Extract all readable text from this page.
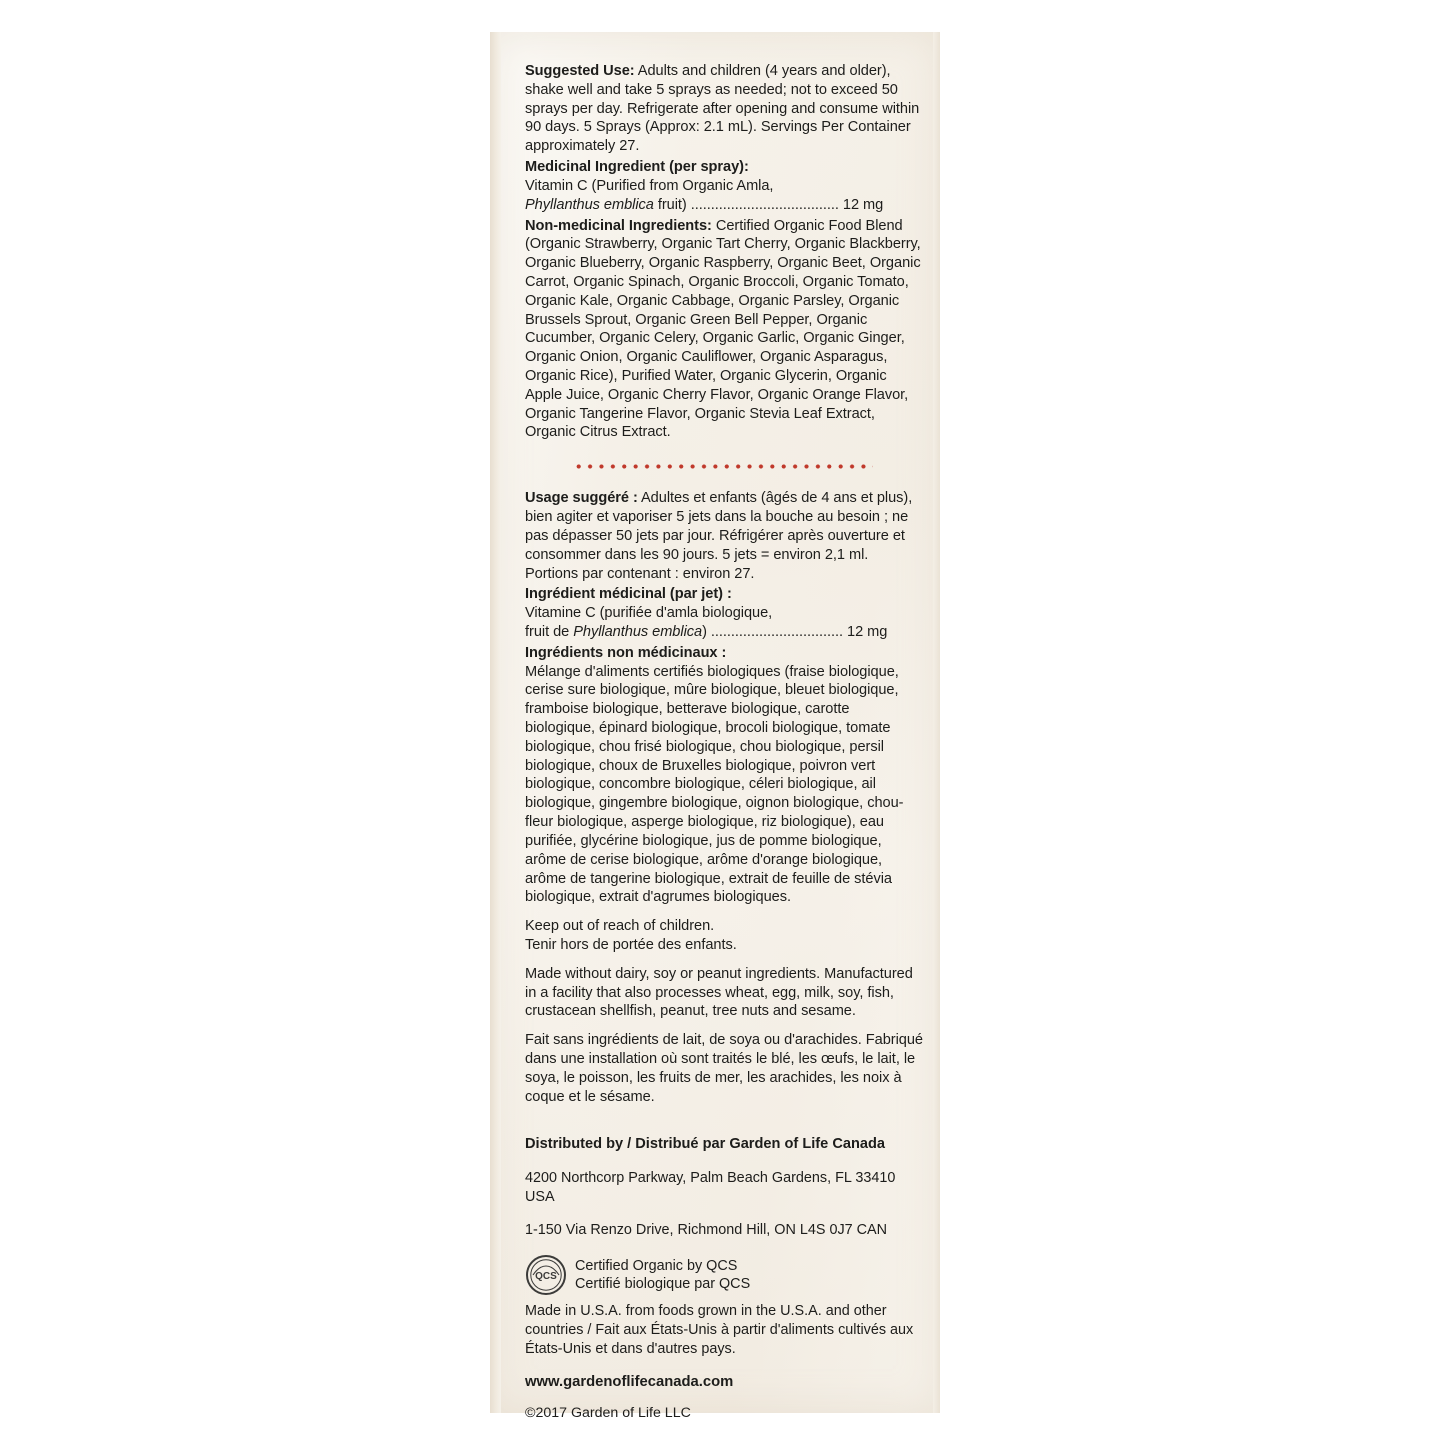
Suggested Use: Adults and children (4 years and older), shake well and take 5 sprays as needed; not to exceed 50 sprays per day. Refrigerate after opening and consume within 90 days. 5 Sprays (Approx: 2.1 mL). Servings Per Container approximately 27.

Medicinal Ingredient (per spray):

Vitamin C (Purified from Organic Amla,

Phyllanthus emblica fruit) ..................................... 12 mg

Non-medicinal Ingredients: Certified Organic Food Blend (Organic Strawberry, Organic Tart Cherry, Organic Blackberry, Organic Blueberry, Organic Raspberry, Organic Beet, Organic Carrot, Organic Spinach, Organic Broccoli, Organic Tomato, Organic Kale, Organic Cabbage, Organic Parsley, Organic Brussels Sprout, Organic Green Bell Pepper, Organic Cucumber, Organic Celery, Organic Garlic, Organic Ginger, Organic Onion, Organic Cauliflower, Organic Asparagus, Organic Rice), Purified Water, Organic Glycerin, Organic Apple Juice, Organic Cherry Flavor, Organic Orange Flavor, Organic Tangerine Flavor, Organic Stevia Leaf Extract, Organic Citrus Extract.

Usage suggéré : Adultes et enfants (âgés de 4 ans et plus), bien agiter et vaporiser 5 jets dans la bouche au besoin ; ne pas dépasser 50 jets par jour. Réfrigérer après ouverture et consommer dans les 90 jours. 5 jets = environ 2,1 ml. Portions par contenant : environ 27.

Ingrédient médicinal (par jet) :

Vitamine C (purifiée d'amla biologique,

fruit de Phyllanthus emblica) ................................. 12 mg

Ingrédients non médicinaux :

Mélange d'aliments certifiés biologiques (fraise biologique, cerise sure biologique, mûre biologique, bleuet biologique, framboise biologique, betterave biologique, carotte biologique, épinard biologique, brocoli biologique, tomate biologique, chou frisé biologique, chou biologique, persil biologique, choux de Bruxelles biologique, poivron vert biologique, concombre biologique, céleri biologique, ail biologique, gingembre biologique, oignon biologique, chou-fleur biologique, asperge biologique, riz biologique), eau purifiée, glycérine biologique, jus de pomme biologique, arôme de cerise biologique, arôme d'orange biologique, arôme de tangerine biologique, extrait de feuille de stévia biologique, extrait d'agrumes biologiques.

Keep out of reach of children.

Tenir hors de portée des enfants.

Made without dairy, soy or peanut ingredients. Manufactured in a facility that also processes wheat, egg, milk, soy, fish, crustacean shellfish, peanut, tree nuts and sesame.

Fait sans ingrédients de lait, de soya ou d'arachides. Fabriqué dans une installation où sont traités le blé, les œufs, le lait, le soya, le poisson, les fruits de mer, les arachides, les noix à coque et le sésame.

Distributed by / Distribué par Garden of Life Canada

4200 Northcorp Parkway, Palm Beach Gardens, FL 33410 USA

1-150 Via Renzo Drive, Richmond Hill, ON L4S 0J7 CAN

QCS
Certified Organic by QCS
Certifié biologique par QCS

Made in U.S.A. from foods grown in the U.S.A. and other countries / Fait aux États-Unis à partir d'aliments cultivés aux États-Unis et dans d'autres pays.

www.gardenoflifecanada.com

©2017 Garden of Life LLC
